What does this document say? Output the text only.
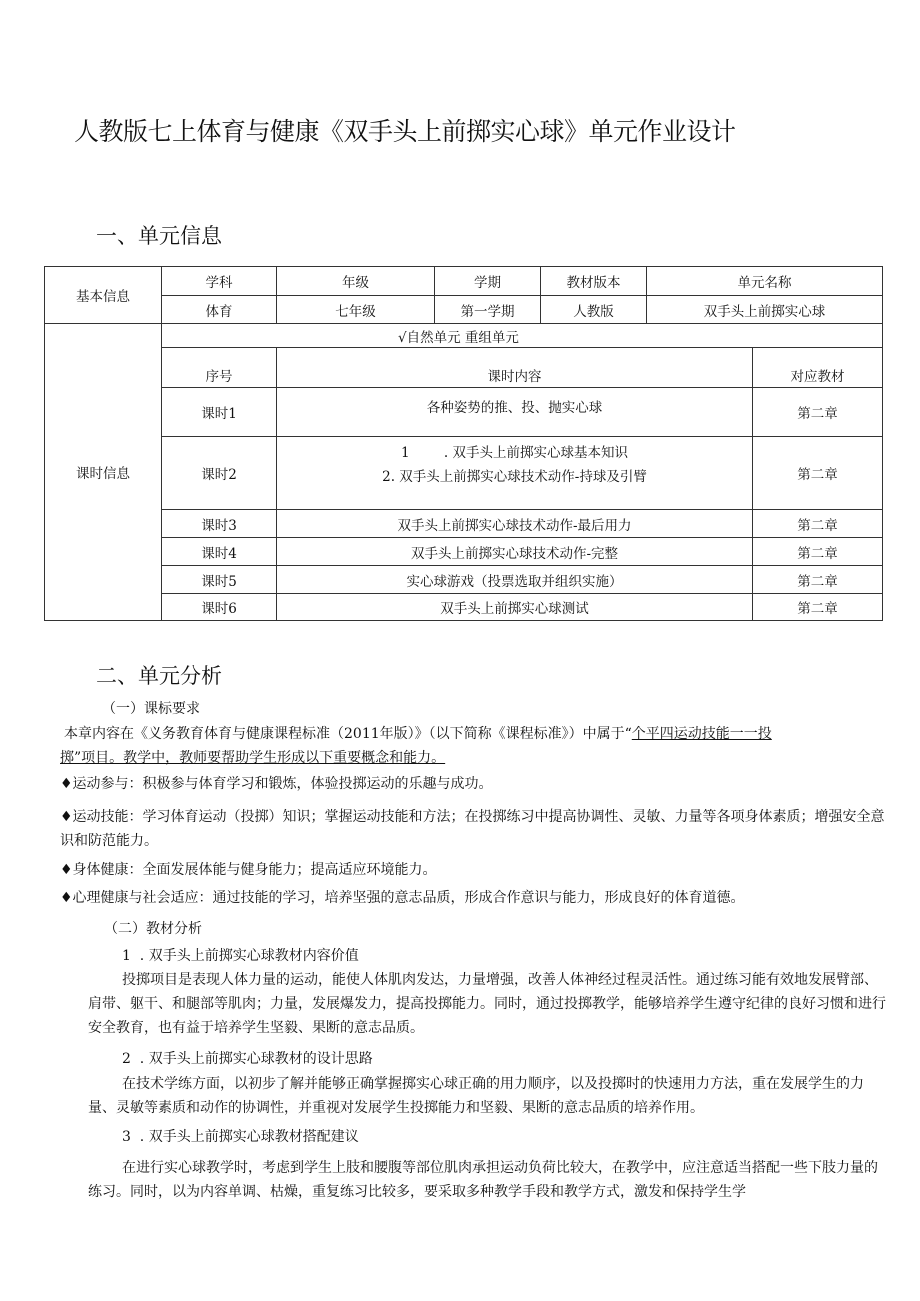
人教版七上体育与健康《双手头上前掷实心球》单元作业设计
一、单元信息
基本信息	学科	年级	学期	教材版本	单元名称	
	体育	七年级	第一学期	人教版	双手头上前掷实心球	
课时信息	√自然单元 重组单元					
	序号	课时内容				对应教材
	课时1	各种姿势的推、投、抛实心球				第二章
	课时2	1        . 双手头上前掷实心球基本知识
2. 双手头上前掷实心球技术动作-持球及引臂				第二章
	课时3	双手头上前掷实心球技术动作-最后用力				第二章
	课时4	双手头上前掷实心球技术动作-完整				第二章
	课时5	实心球游戏（投票选取并组织实施）				第二章
	课时6	双手头上前掷实心球测试				第二章
二、单元分析
（一）课标要求
本章内容在《义务教育体育与健康课程标准（2011年版）》（以下简称《课程标准》）中属于“个平四运动技能一一投
掷”项目。教学中，教师要帮助学生形成以下重要概念和能力。
♦运动参与：积极参与体育学习和锻炼，体验投掷运动的乐趣与成功。
♦运动技能：学习体育运动（投掷）知识；掌握运动技能和方法；在投掷练习中提高协调性、灵敏、力量等各项身体素质；增强安全意识和防范能力。
♦身体健康：全面发展体能与健身能力；提高适应环境能力。
♦心理健康与社会适应：通过技能的学习，培养坚强的意志品质，形成合作意识与能力，形成良好的体育道德。
（二）教材分析
1  . 双手头上前掷实心球教材内容价值
投掷项目是表现人体力量的运动，能使人体肌肉发达，力量增强，改善人体神经过程灵活性。通过练习能有效地发展臂部、肩带、躯干、和腿部等肌肉；力量，发展爆发力，提高投掷能力。同时，通过投掷教学，能够培养学生遵守纪律的良好习惯和进行安全教育，也有益于培养学生坚毅、果断的意志品质。
2  . 双手头上前掷实心球教材的设计思路
在技术学练方面，以初步了解并能够正确掌握掷实心球正确的用力顺序，以及投掷时的快速用力方法，重在发展学生的力量、灵敏等素质和动作的协调性，并重视对发展学生投掷能力和坚毅、果断的意志品质的培养作用。
3  . 双手头上前掷实心球教材搭配建议
在进行实心球教学时，考虑到学生上肢和腰腹等部位肌肉承担运动负荷比较大，在教学中，应注意适当搭配一些下肢力量的练习。同时，以为内容单调、枯燥，重复练习比较多，要采取多种教学手段和教学方式，激发和保持学生学
